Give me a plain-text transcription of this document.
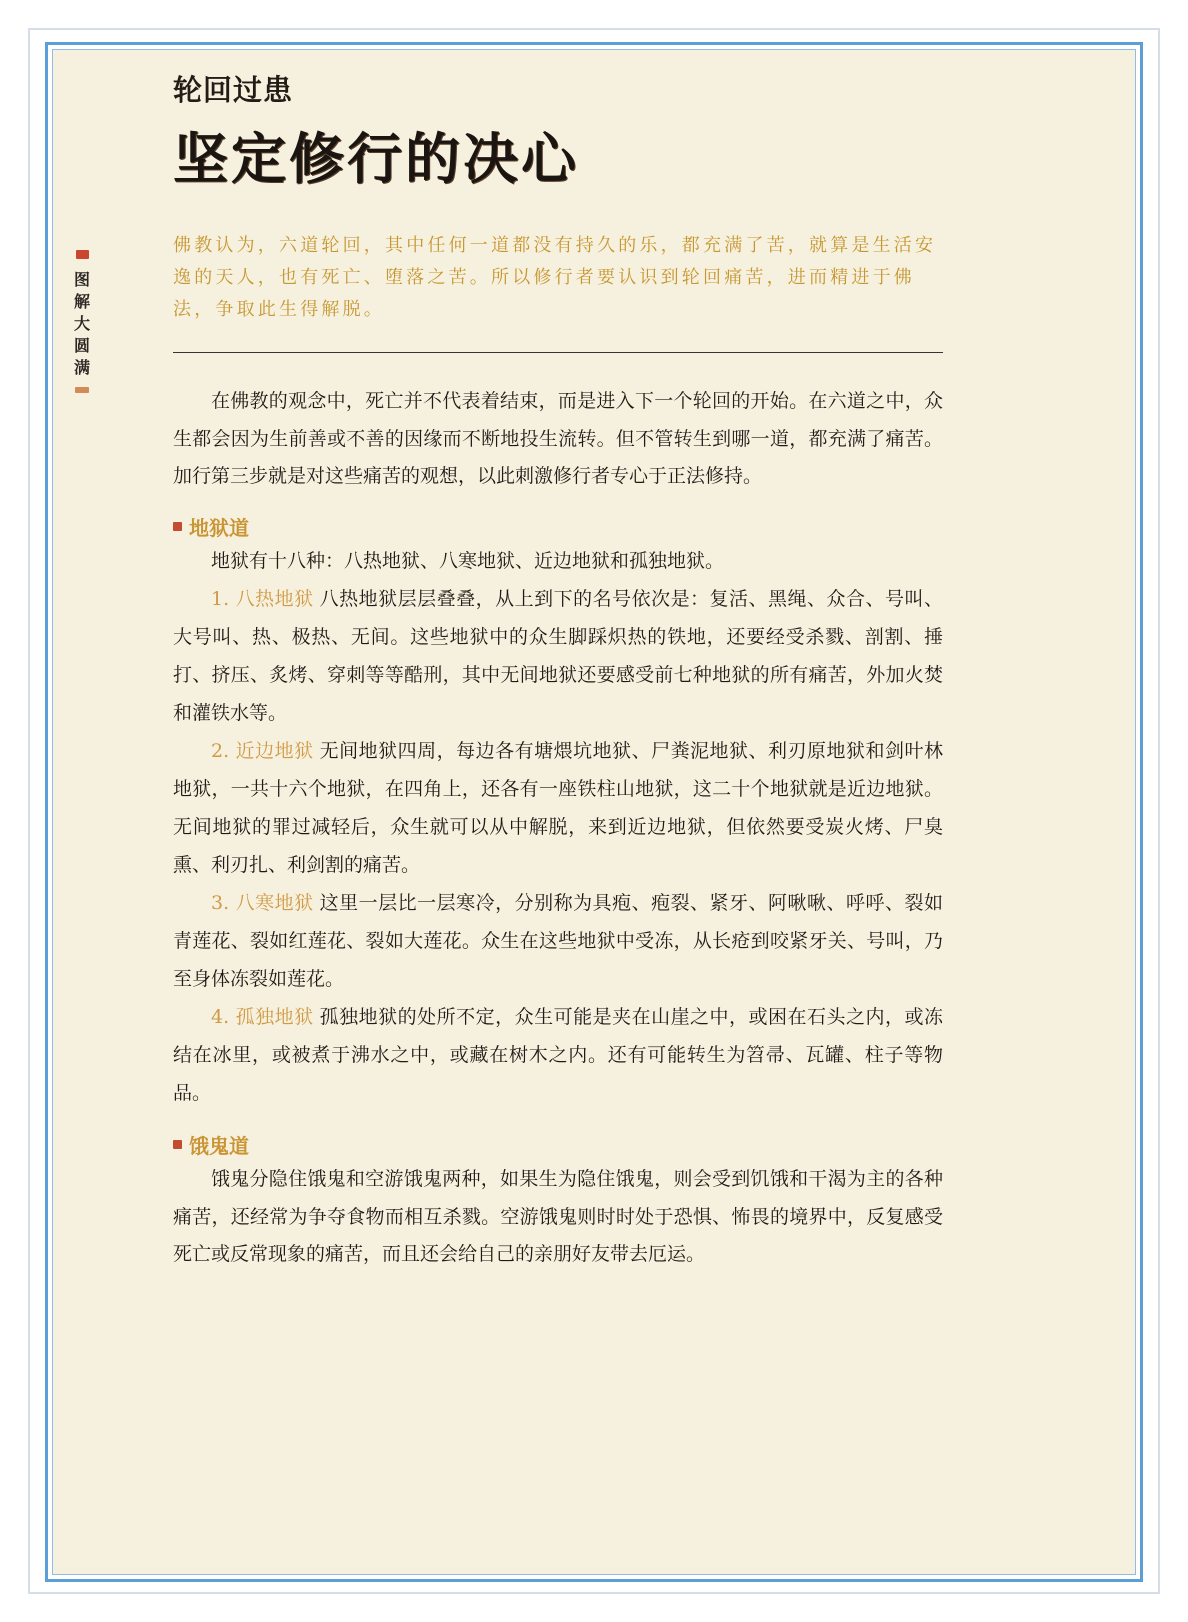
图
解
大
圆
满
轮回过患
坚定修行的决心
佛教认为，六道轮回，其中任何一道都没有持久的乐，都充满了苦，就算是生活安逸的天人，也有死亡、堕落之苦。所以修行者要认识到轮回痛苦，进而精进于佛法，争取此生得解脱。

在佛教的观念中，死亡并不代表着结束，而是进入下一个轮回的开始。在六道之中，众生都会因为生前善或不善的因缘而不断地投生流转。但不管转生到哪一道，都充满了痛苦。加行第三步就是对这些痛苦的观想，以此刺激修行者专心于正法修持。

地狱道

地狱有十八种：八热地狱、八寒地狱、近边地狱和孤独地狱。

1. 八热地狱 八热地狱层层叠叠，从上到下的名号依次是：复活、黑绳、众合、号叫、大号叫、热、极热、无间。这些地狱中的众生脚踩炽热的铁地，还要经受杀戮、剖割、捶打、挤压、炙烤、穿刺等等酷刑，其中无间地狱还要感受前七种地狱的所有痛苦，外加火焚和灌铁水等。

2. 近边地狱 无间地狱四周，每边各有塘煨坑地狱、尸粪泥地狱、利刃原地狱和剑叶林地狱，一共十六个地狱，在四角上，还各有一座铁柱山地狱，这二十个地狱就是近边地狱。无间地狱的罪过减轻后，众生就可以从中解脱，来到近边地狱，但依然要受炭火烤、尸臭熏、利刃扎、利剑割的痛苦。

3. 八寒地狱 这里一层比一层寒冷，分别称为具疱、疱裂、紧牙、阿啾啾、呼呼、裂如青莲花、裂如红莲花、裂如大莲花。众生在这些地狱中受冻，从长疮到咬紧牙关、号叫，乃至身体冻裂如莲花。

4. 孤独地狱 孤独地狱的处所不定，众生可能是夹在山崖之中，或困在石头之内，或冻结在冰里，或被煮于沸水之中，或藏在树木之内。还有可能转生为笤帚、瓦罐、柱子等物品。

饿鬼道

饿鬼分隐住饿鬼和空游饿鬼两种，如果生为隐住饿鬼，则会受到饥饿和干渴为主的各种痛苦，还经常为争夺食物而相互杀戮。空游饿鬼则时时处于恐惧、怖畏的境界中，反复感受死亡或反常现象的痛苦，而且还会给自己的亲朋好友带去厄运。
